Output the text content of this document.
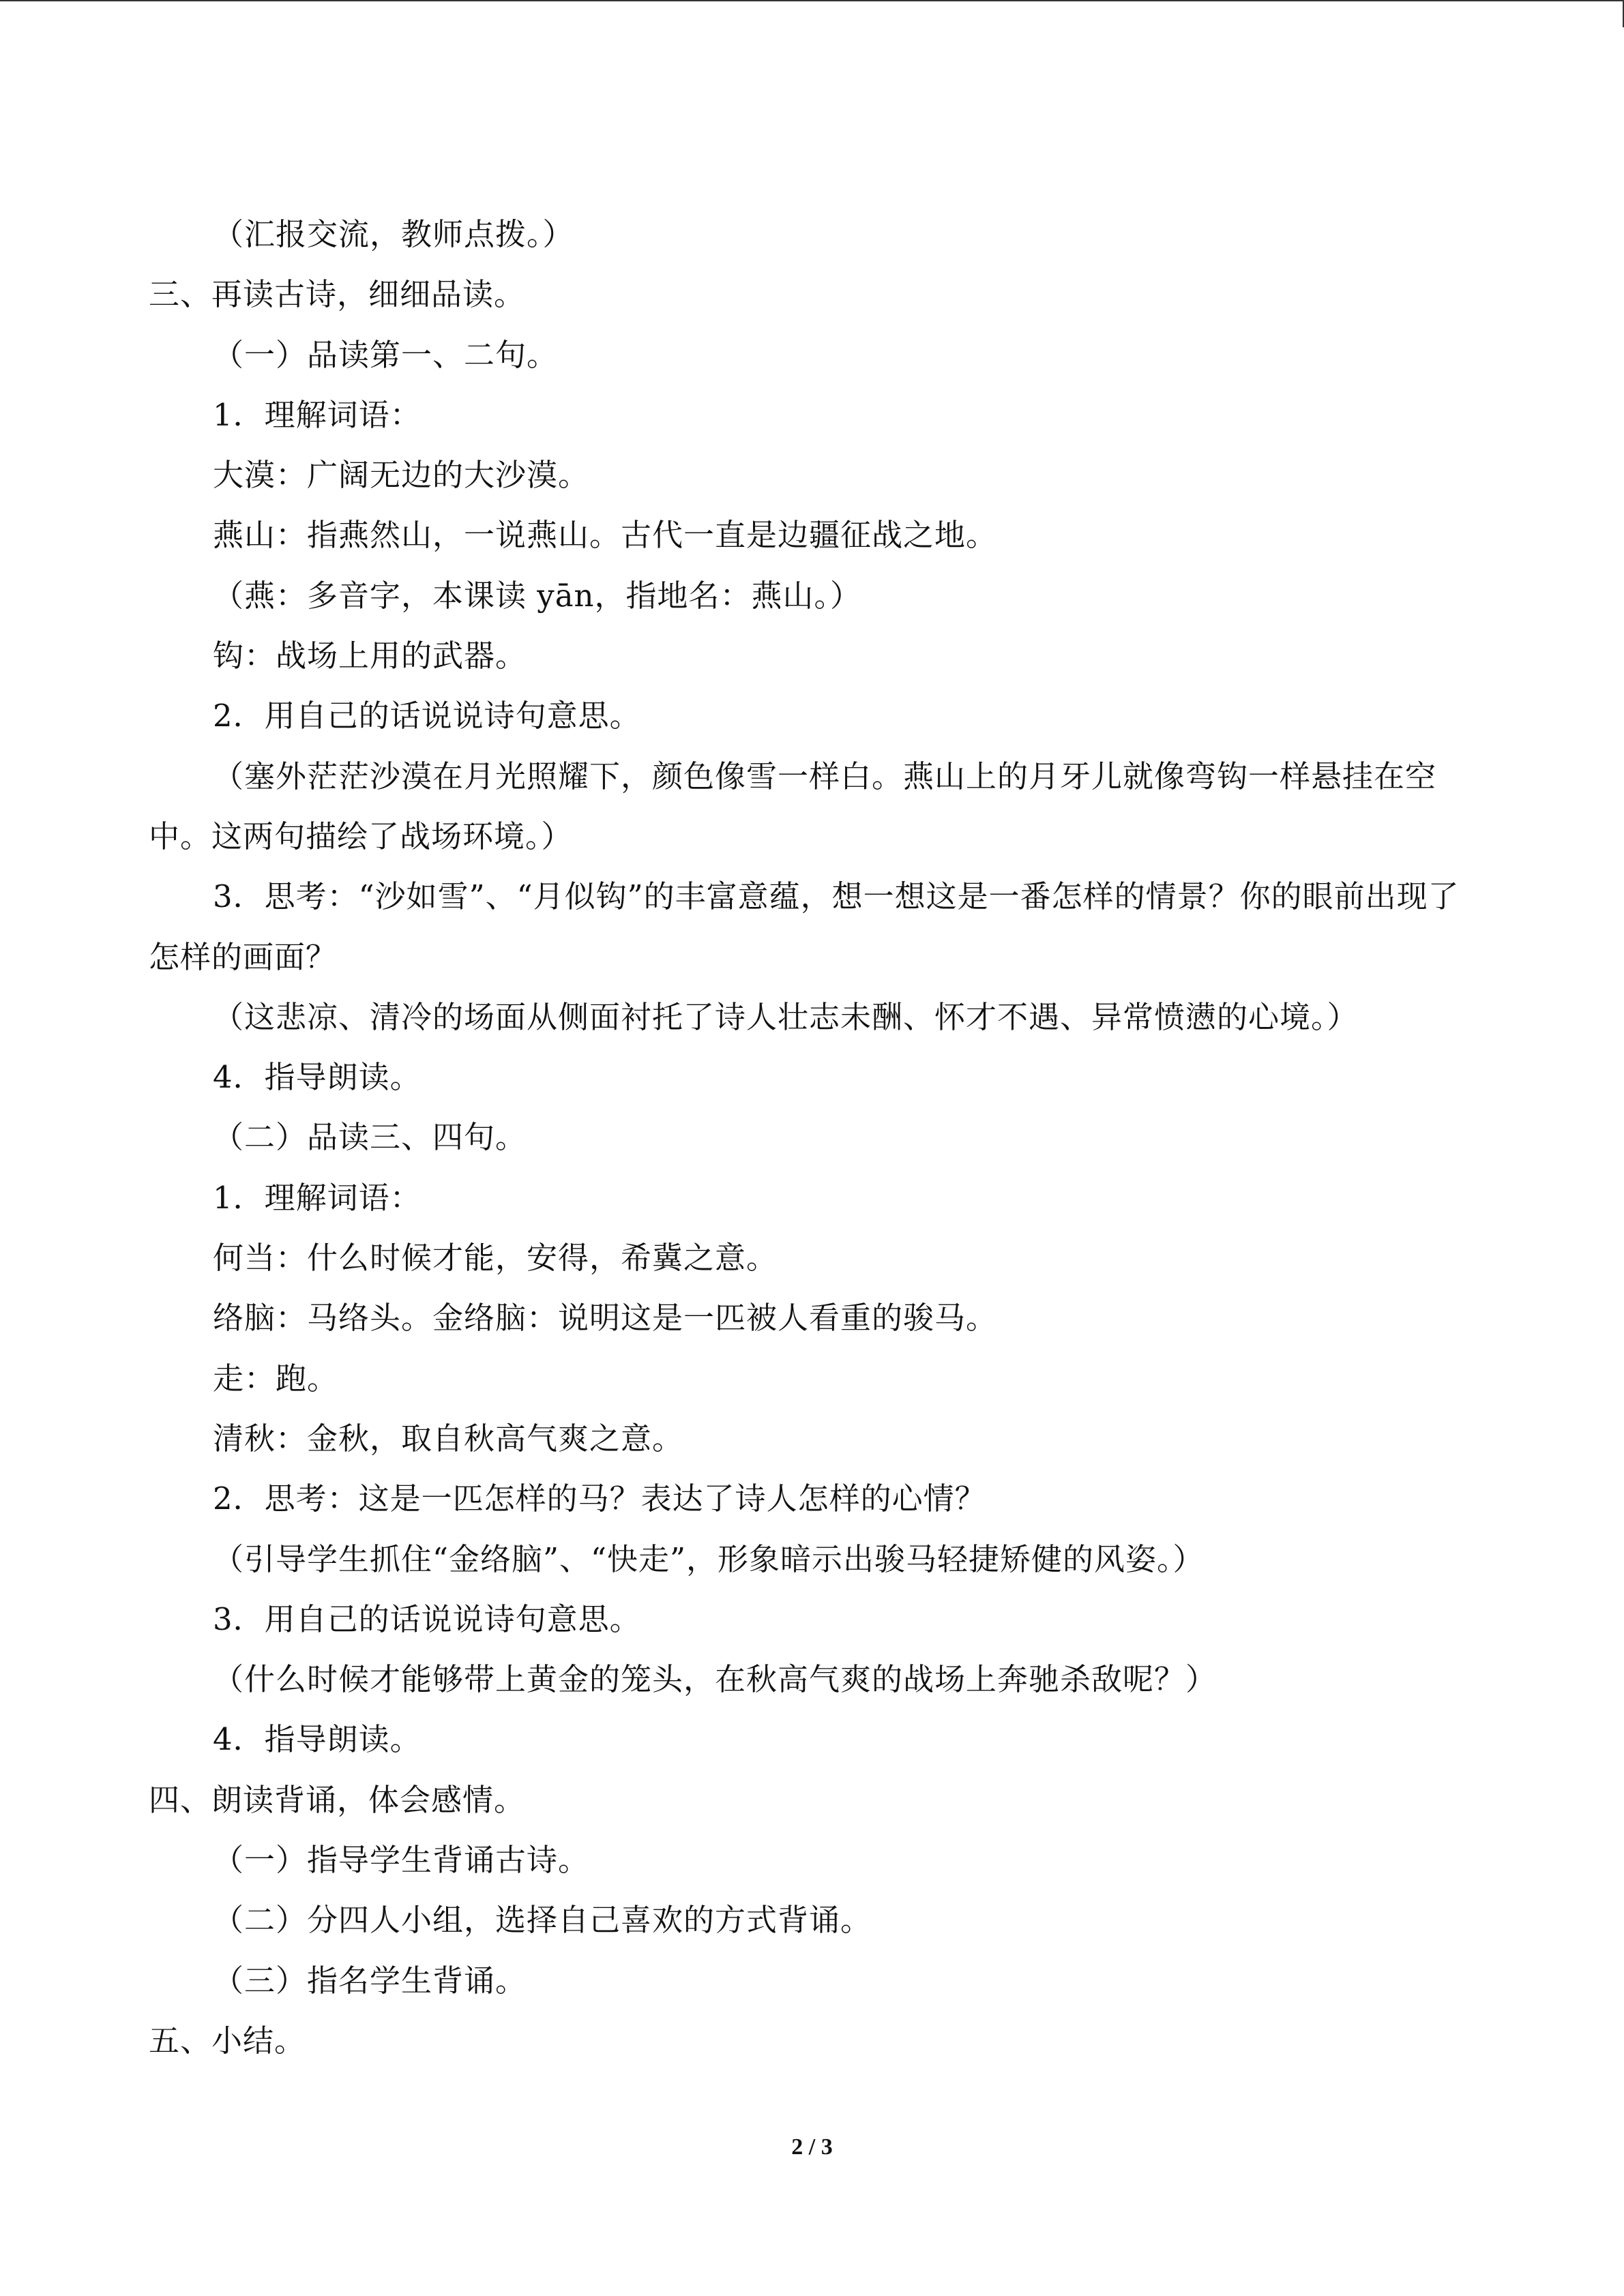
（汇报交流，教师点拨。）
三、再读古诗，细细品读。
（一）品读第一、二句。
1．理解词语：
大漠：广阔无边的大沙漠。
燕山：指燕然山，一说燕山。古代一直是边疆征战之地。
（燕：多音字，本课读 yān，指地名：燕山。）
钩：战场上用的武器。
2．用自己的话说说诗句意思。
（塞外茫茫沙漠在月光照耀下，颜色像雪一样白。燕山上的月牙儿就像弯钩一样悬挂在空中。这两句描绘了战场环境。）
3．思考：“沙如雪”、“月似钩”的丰富意蕴，想一想这是一番怎样的情景？你的眼前出现了怎样的画面？
（这悲凉、清冷的场面从侧面衬托了诗人壮志未酬、怀才不遇、异常愤懑的心境。）
4．指导朗读。
（二）品读三、四句。
1．理解词语：
何当：什么时候才能，安得，希冀之意。
络脑：马络头。金络脑：说明这是一匹被人看重的骏马。
走：跑。
清秋：金秋，取自秋高气爽之意。
2．思考：这是一匹怎样的马？表达了诗人怎样的心情？
（引导学生抓住“金络脑”、“快走”，形象暗示出骏马轻捷矫健的风姿。）
3．用自己的话说说诗句意思。
（什么时候才能够带上黄金的笼头，在秋高气爽的战场上奔驰杀敌呢？）
4．指导朗读。
四、朗读背诵，体会感情。
（一）指导学生背诵古诗。
（二）分四人小组，选择自己喜欢的方式背诵。
（三）指名学生背诵。
五、小结。
2 / 3
